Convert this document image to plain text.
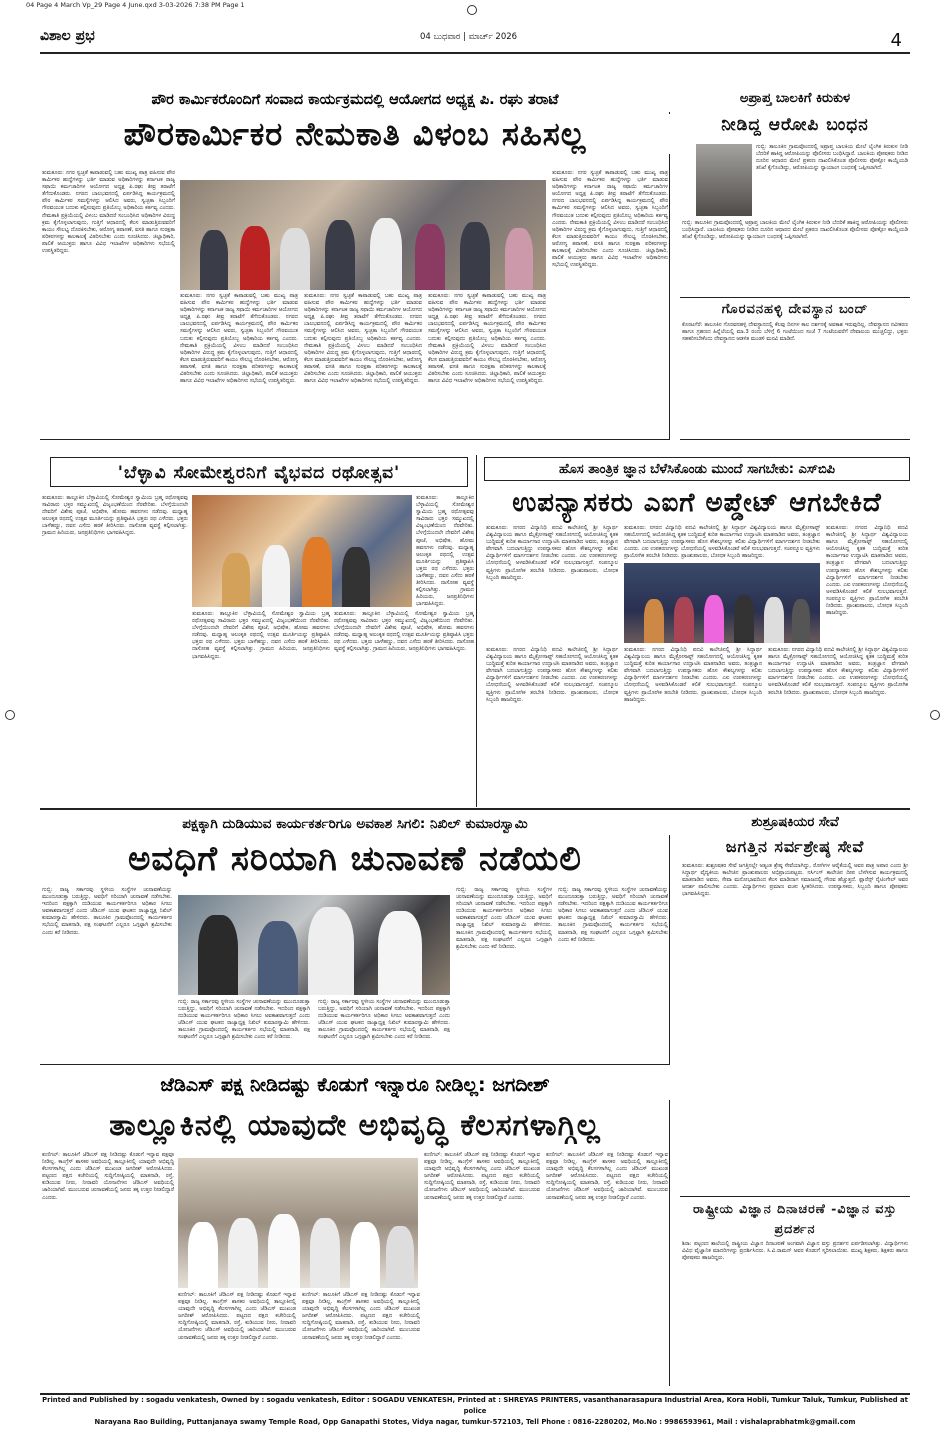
04 Page 4 March Vp_29 Page 4 June.qxd 3-03-2026 7:38 PM Page 1
ವಿಶಾಲ ಪ್ರಭ	04 ಬುಧವಾರ | ಮಾರ್ಚ್ 2026	4
ಪೌರ ಕಾರ್ಮಿಕರೊಂದಿಗೆ ಸಂವಾದ ಕಾರ್ಯಕ್ರಮದಲ್ಲಿ ಆಯೋಗದ ಅಧ್ಯಕ್ಷ ಪಿ. ರಘು ತರಾಟೆ
ಪೌರಕಾರ್ಮಿಕರ ನೇಮಕಾತಿ ವಿಳಂಬ ಸಹಿಸಲ್ಲ
ತುಮಕೂರು: ನಗರ ಸ್ವಚ್ಛತೆ ಕಾಪಾಡುವಲ್ಲಿ ಬಹು ಮುಖ್ಯ ಪಾತ್ರ ವಹಿಸುವ ಪೌರ ಕಾರ್ಮಿಕರ ಹುದ್ದೆಗಳನ್ನು ಭರ್ತಿ ಮಾಡುವ ಅಧಿಕಾರಿಗಳನ್ನು ಕರ್ನಾಟಕ ರಾಜ್ಯ ಸಫಾಯಿ ಕರ್ಮಚಾರಿಗಳ ಆಯೋಗದ ಅಧ್ಯಕ್ಷ ಪಿ.ರಘು ತೀವ್ರ ತರಾಟೆಗೆ ತೆಗೆದುಕೊಂಡರು. ನಗರದ ಬಾಲಭವನದಲ್ಲಿ ಏರ್ಪಡಿಸಿದ್ದ ಕಾರ್ಯಕ್ರಮದಲ್ಲಿ ಪೌರ ಕಾರ್ಮಿಕರ ಸಮಸ್ಯೆಗಳನ್ನು ಆಲಿಸಿದ ಅವರು, ಸ್ವಚ್ಛತಾ ಸಿಬ್ಬಂದಿಗೆ ಗೌರವಯುತ ಬದುಕು ಕಲ್ಪಿಸುವುದು ಪ್ರತಿಯೊಬ್ಬ ಅಧಿಕಾರಿಯ ಕರ್ತವ್ಯ ಎಂದರು. ನೇಮಕಾತಿ ಪ್ರಕ್ರಿಯೆಯಲ್ಲಿ ವಿಳಂಬ ಮಾಡಿದರೆ ಸಂಬಂಧಿಸಿದ ಅಧಿಕಾರಿಗಳ ವಿರುದ್ಧ ಕ್ರಮ ಕೈಗೊಳ್ಳಲಾಗುವುದು, ಗುತ್ತಿಗೆ ಆಧಾರದಲ್ಲಿ ಕೆಲಸ ಮಾಡುತ್ತಿರುವವರಿಗೆ ಕಾಯಂ ಸೌಲಭ್ಯ ದೊರಕಿಸಬೇಕು, ಆರೋಗ್ಯ ತಪಾಸಣೆ, ವಸತಿ ಹಾಗೂ ಸುರಕ್ಷತಾ ಪರಿಕರಗಳನ್ನು ಕಾಲಕಾಲಕ್ಕೆ ವಿತರಿಸಬೇಕು ಎಂದು ಸೂಚಿಸಿದರು. ಜಿಲ್ಲಾಧಿಕಾರಿ, ಪಾಲಿಕೆ ಆಯುಕ್ತರು ಹಾಗೂ ವಿವಿಧ ಇಲಾಖೆಗಳ ಅಧಿಕಾರಿಗಳು ಸಭೆಯಲ್ಲಿ ಉಪಸ್ಥಿತರಿದ್ದರು.
ತುಮಕೂರು: ನಗರ ಸ್ವಚ್ಛತೆ ಕಾಪಾಡುವಲ್ಲಿ ಬಹು ಮುಖ್ಯ ಪಾತ್ರ ವಹಿಸುವ ಪೌರ ಕಾರ್ಮಿಕರ ಹುದ್ದೆಗಳನ್ನು ಭರ್ತಿ ಮಾಡುವ ಅಧಿಕಾರಿಗಳನ್ನು ಕರ್ನಾಟಕ ರಾಜ್ಯ ಸಫಾಯಿ ಕರ್ಮಚಾರಿಗಳ ಆಯೋಗದ ಅಧ್ಯಕ್ಷ ಪಿ.ರಘು ತೀವ್ರ ತರಾಟೆಗೆ ತೆಗೆದುಕೊಂಡರು. ನಗರದ ಬಾಲಭವನದಲ್ಲಿ ಏರ್ಪಡಿಸಿದ್ದ ಕಾರ್ಯಕ್ರಮದಲ್ಲಿ ಪೌರ ಕಾರ್ಮಿಕರ ಸಮಸ್ಯೆಗಳನ್ನು ಆಲಿಸಿದ ಅವರು, ಸ್ವಚ್ಛತಾ ಸಿಬ್ಬಂದಿಗೆ ಗೌರವಯುತ ಬದುಕು ಕಲ್ಪಿಸುವುದು ಪ್ರತಿಯೊಬ್ಬ ಅಧಿಕಾರಿಯ ಕರ್ತವ್ಯ ಎಂದರು. ನೇಮಕಾತಿ ಪ್ರಕ್ರಿಯೆಯಲ್ಲಿ ವಿಳಂಬ ಮಾಡಿದರೆ ಸಂಬಂಧಿಸಿದ ಅಧಿಕಾರಿಗಳ ವಿರುದ್ಧ ಕ್ರಮ ಕೈಗೊಳ್ಳಲಾಗುವುದು, ಗುತ್ತಿಗೆ ಆಧಾರದಲ್ಲಿ ಕೆಲಸ ಮಾಡುತ್ತಿರುವವರಿಗೆ ಕಾಯಂ ಸೌಲಭ್ಯ ದೊರಕಿಸಬೇಕು, ಆರೋಗ್ಯ ತಪಾಸಣೆ, ವಸತಿ ಹಾಗೂ ಸುರಕ್ಷತಾ ಪರಿಕರಗಳನ್ನು ಕಾಲಕಾಲಕ್ಕೆ ವಿತರಿಸಬೇಕು ಎಂದು ಸೂಚಿಸಿದರು. ಜಿಲ್ಲಾಧಿಕಾರಿ, ಪಾಲಿಕೆ ಆಯುಕ್ತರು ಹಾಗೂ ವಿವಿಧ ಇಲಾಖೆಗಳ ಅಧಿಕಾರಿಗಳು ಸಭೆಯಲ್ಲಿ ಉಪಸ್ಥಿತರಿದ್ದರು.
ತುಮಕೂರು: ನಗರ ಸ್ವಚ್ಛತೆ ಕಾಪಾಡುವಲ್ಲಿ ಬಹು ಮುಖ್ಯ ಪಾತ್ರ ವಹಿಸುವ ಪೌರ ಕಾರ್ಮಿಕರ ಹುದ್ದೆಗಳನ್ನು ಭರ್ತಿ ಮಾಡುವ ಅಧಿಕಾರಿಗಳನ್ನು ಕರ್ನಾಟಕ ರಾಜ್ಯ ಸಫಾಯಿ ಕರ್ಮಚಾರಿಗಳ ಆಯೋಗದ ಅಧ್ಯಕ್ಷ ಪಿ.ರಘು ತೀವ್ರ ತರಾಟೆಗೆ ತೆಗೆದುಕೊಂಡರು. ನಗರದ ಬಾಲಭವನದಲ್ಲಿ ಏರ್ಪಡಿಸಿದ್ದ ಕಾರ್ಯಕ್ರಮದಲ್ಲಿ ಪೌರ ಕಾರ್ಮಿಕರ ಸಮಸ್ಯೆಗಳನ್ನು ಆಲಿಸಿದ ಅವರು, ಸ್ವಚ್ಛತಾ ಸಿಬ್ಬಂದಿಗೆ ಗೌರವಯುತ ಬದುಕು ಕಲ್ಪಿಸುವುದು ಪ್ರತಿಯೊಬ್ಬ ಅಧಿಕಾರಿಯ ಕರ್ತವ್ಯ ಎಂದರು. ನೇಮಕಾತಿ ಪ್ರಕ್ರಿಯೆಯಲ್ಲಿ ವಿಳಂಬ ಮಾಡಿದರೆ ಸಂಬಂಧಿಸಿದ ಅಧಿಕಾರಿಗಳ ವಿರುದ್ಧ ಕ್ರಮ ಕೈಗೊಳ್ಳಲಾಗುವುದು, ಗುತ್ತಿಗೆ ಆಧಾರದಲ್ಲಿ ಕೆಲಸ ಮಾಡುತ್ತಿರುವವರಿಗೆ ಕಾಯಂ ಸೌಲಭ್ಯ ದೊರಕಿಸಬೇಕು, ಆರೋಗ್ಯ ತಪಾಸಣೆ, ವಸತಿ ಹಾಗೂ ಸುರಕ್ಷತಾ ಪರಿಕರಗಳನ್ನು ಕಾಲಕಾಲಕ್ಕೆ ವಿತರಿಸಬೇಕು ಎಂದು ಸೂಚಿಸಿದರು. ಜಿಲ್ಲಾಧಿಕಾರಿ, ಪಾಲಿಕೆ ಆಯುಕ್ತರು ಹಾಗೂ ವಿವಿಧ ಇಲಾಖೆಗಳ ಅಧಿಕಾರಿಗಳು ಸಭೆಯಲ್ಲಿ ಉಪಸ್ಥಿತರಿದ್ದರು.
ತುಮಕೂರು: ನಗರ ಸ್ವಚ್ಛತೆ ಕಾಪಾಡುವಲ್ಲಿ ಬಹು ಮುಖ್ಯ ಪಾತ್ರ ವಹಿಸುವ ಪೌರ ಕಾರ್ಮಿಕರ ಹುದ್ದೆಗಳನ್ನು ಭರ್ತಿ ಮಾಡುವ ಅಧಿಕಾರಿಗಳನ್ನು ಕರ್ನಾಟಕ ರಾಜ್ಯ ಸಫಾಯಿ ಕರ್ಮಚಾರಿಗಳ ಆಯೋಗದ ಅಧ್ಯಕ್ಷ ಪಿ.ರಘು ತೀವ್ರ ತರಾಟೆಗೆ ತೆಗೆದುಕೊಂಡರು. ನಗರದ ಬಾಲಭವನದಲ್ಲಿ ಏರ್ಪಡಿಸಿದ್ದ ಕಾರ್ಯಕ್ರಮದಲ್ಲಿ ಪೌರ ಕಾರ್ಮಿಕರ ಸಮಸ್ಯೆಗಳನ್ನು ಆಲಿಸಿದ ಅವರು, ಸ್ವಚ್ಛತಾ ಸಿಬ್ಬಂದಿಗೆ ಗೌರವಯುತ ಬದುಕು ಕಲ್ಪಿಸುವುದು ಪ್ರತಿಯೊಬ್ಬ ಅಧಿಕಾರಿಯ ಕರ್ತವ್ಯ ಎಂದರು. ನೇಮಕಾತಿ ಪ್ರಕ್ರಿಯೆಯಲ್ಲಿ ವಿಳಂಬ ಮಾಡಿದರೆ ಸಂಬಂಧಿಸಿದ ಅಧಿಕಾರಿಗಳ ವಿರುದ್ಧ ಕ್ರಮ ಕೈಗೊಳ್ಳಲಾಗುವುದು, ಗುತ್ತಿಗೆ ಆಧಾರದಲ್ಲಿ ಕೆಲಸ ಮಾಡುತ್ತಿರುವವರಿಗೆ ಕಾಯಂ ಸೌಲಭ್ಯ ದೊರಕಿಸಬೇಕು, ಆರೋಗ್ಯ ತಪಾಸಣೆ, ವಸತಿ ಹಾಗೂ ಸುರಕ್ಷತಾ ಪರಿಕರಗಳನ್ನು ಕಾಲಕಾಲಕ್ಕೆ ವಿತರಿಸಬೇಕು ಎಂದು ಸೂಚಿಸಿದರು. ಜಿಲ್ಲಾಧಿಕಾರಿ, ಪಾಲಿಕೆ ಆಯುಕ್ತರು ಹಾಗೂ ವಿವಿಧ ಇಲಾಖೆಗಳ ಅಧಿಕಾರಿಗಳು ಸಭೆಯಲ್ಲಿ ಉಪಸ್ಥಿತರಿದ್ದರು.
ತುಮಕೂರು: ನಗರ ಸ್ವಚ್ಛತೆ ಕಾಪಾಡುವಲ್ಲಿ ಬಹು ಮುಖ್ಯ ಪಾತ್ರ ವಹಿಸುವ ಪೌರ ಕಾರ್ಮಿಕರ ಹುದ್ದೆಗಳನ್ನು ಭರ್ತಿ ಮಾಡುವ ಅಧಿಕಾರಿಗಳನ್ನು ಕರ್ನಾಟಕ ರಾಜ್ಯ ಸಫಾಯಿ ಕರ್ಮಚಾರಿಗಳ ಆಯೋಗದ ಅಧ್ಯಕ್ಷ ಪಿ.ರಘು ತೀವ್ರ ತರಾಟೆಗೆ ತೆಗೆದುಕೊಂಡರು. ನಗರದ ಬಾಲಭವನದಲ್ಲಿ ಏರ್ಪಡಿಸಿದ್ದ ಕಾರ್ಯಕ್ರಮದಲ್ಲಿ ಪೌರ ಕಾರ್ಮಿಕರ ಸಮಸ್ಯೆಗಳನ್ನು ಆಲಿಸಿದ ಅವರು, ಸ್ವಚ್ಛತಾ ಸಿಬ್ಬಂದಿಗೆ ಗೌರವಯುತ ಬದುಕು ಕಲ್ಪಿಸುವುದು ಪ್ರತಿಯೊಬ್ಬ ಅಧಿಕಾರಿಯ ಕರ್ತವ್ಯ ಎಂದರು. ನೇಮಕಾತಿ ಪ್ರಕ್ರಿಯೆಯಲ್ಲಿ ವಿಳಂಬ ಮಾಡಿದರೆ ಸಂಬಂಧಿಸಿದ ಅಧಿಕಾರಿಗಳ ವಿರುದ್ಧ ಕ್ರಮ ಕೈಗೊಳ್ಳಲಾಗುವುದು, ಗುತ್ತಿಗೆ ಆಧಾರದಲ್ಲಿ ಕೆಲಸ ಮಾಡುತ್ತಿರುವವರಿಗೆ ಕಾಯಂ ಸೌಲಭ್ಯ ದೊರಕಿಸಬೇಕು, ಆರೋಗ್ಯ ತಪಾಸಣೆ, ವಸತಿ ಹಾಗೂ ಸುರಕ್ಷತಾ ಪರಿಕರಗಳನ್ನು ಕಾಲಕಾಲಕ್ಕೆ ವಿತರಿಸಬೇಕು ಎಂದು ಸೂಚಿಸಿದರು. ಜಿಲ್ಲಾಧಿಕಾರಿ, ಪಾಲಿಕೆ ಆಯುಕ್ತರು ಹಾಗೂ ವಿವಿಧ ಇಲಾಖೆಗಳ ಅಧಿಕಾರಿಗಳು ಸಭೆಯಲ್ಲಿ ಉಪಸ್ಥಿತರಿದ್ದರು.
ಅಪ್ರಾಪ್ತ ಬಾಲಕಿಗೆ ಕಿರುಕುಳ
ನೀಡಿದ್ದ ಆರೋಪಿ ಬಂಧನ
ಗುಬ್ಬಿ: ತಾಲೂಕಿನ ಗ್ರಾಮವೊಂದರಲ್ಲಿ ಅಪ್ರಾಪ್ತ ಬಾಲಕಿಯ ಮೇಲೆ ಲೈಂಗಿಕ ಕಿರುಕುಳ ನೀಡಿ ಬೆದರಿಕೆ ಹಾಕಿದ್ದ ಆರೋಪಿಯನ್ನು ಪೊಲೀಸರು ಬಂಧಿಸಿದ್ದಾರೆ. ಬಾಲಕಿಯ ಪೋಷಕರು ನೀಡಿದ ದೂರಿನ ಆಧಾರದ ಮೇಲೆ ಪ್ರಕರಣ ದಾಖಲಿಸಿಕೊಂಡ ಪೊಲೀಸರು ಪೋಕ್ಸೋ ಕಾಯ್ದೆಯಡಿ ತನಿಖೆ ಕೈಗೊಂಡಿದ್ದು, ಆರೋಪಿಯನ್ನು ನ್ಯಾಯಾಂಗ ಬಂಧನಕ್ಕೆ ಒಪ್ಪಿಸಲಾಗಿದೆ.
ಗುಬ್ಬಿ: ತಾಲೂಕಿನ ಗ್ರಾಮವೊಂದರಲ್ಲಿ ಅಪ್ರಾಪ್ತ ಬಾಲಕಿಯ ಮೇಲೆ ಲೈಂಗಿಕ ಕಿರುಕುಳ ನೀಡಿ ಬೆದರಿಕೆ ಹಾಕಿದ್ದ ಆರೋಪಿಯನ್ನು ಪೊಲೀಸರು ಬಂಧಿಸಿದ್ದಾರೆ. ಬಾಲಕಿಯ ಪೋಷಕರು ನೀಡಿದ ದೂರಿನ ಆಧಾರದ ಮೇಲೆ ಪ್ರಕರಣ ದಾಖಲಿಸಿಕೊಂಡ ಪೊಲೀಸರು ಪೋಕ್ಸೋ ಕಾಯ್ದೆಯಡಿ ತನಿಖೆ ಕೈಗೊಂಡಿದ್ದು, ಆರೋಪಿಯನ್ನು ನ್ಯಾಯಾಂಗ ಬಂಧನಕ್ಕೆ ಒಪ್ಪಿಸಲಾಗಿದೆ.
ಗೊರವನಹಳ್ಳಿ ದೇವಸ್ಥಾನ ಬಂದ್
ಕೊರಟಗೆರೆ: ತಾಲೂಕಿನ ಗೊರವನಹಳ್ಳಿ ದೇವಸ್ಥಾನದಲ್ಲಿ ಕೆಲವು ದಿನಗಳ ಕಾಲ ದರ್ಶನಕ್ಕೆ ಅವಕಾಶ ಇರುವುದಿಲ್ಲ. ದೇವಸ್ಥಾನದ ನವೀಕರಣ ಹಾಗೂ ಗ್ರಹಣದ ಹಿನ್ನೆಲೆಯಲ್ಲಿ ಮಾ.3 ರಂದು ಬೆಳಿಗ್ಗೆ 6 ಗಂಟೆಯಿಂದ ಸಂಜೆ 7 ಗಂಟೆಯವರೆಗೆ ದೇವಾಲಯ ಮುಚ್ಚಲಿದ್ದು, ಭಕ್ತರು ಸಹಕರಿಸಬೇಕೆಂದು ದೇವಸ್ಥಾನದ ಆಡಳಿತ ಮಂಡಳಿ ಮನವಿ ಮಾಡಿದೆ.
'ಬೆಳ್ಳಾವಿ ಸೋಮೇಶ್ವರನಿಗೆ ವೈಭವದ ರಥೋತ್ಸವ'
ತುಮಕೂರು: ತಾಲ್ಲೂಕಿನ ಬೆಳ್ಳಾವಿಯಲ್ಲಿ ಸೋಮೇಶ್ವರ ಸ್ವಾಮಿಯ ಬ್ರಹ್ಮ ರಥೋತ್ಸವವು ಸಾವಿರಾರು ಭಕ್ತರ ಸಮ್ಮುಖದಲ್ಲಿ ವಿಜೃಂಭಣೆಯಿಂದ ನೆರವೇರಿತು. ಬೆಳಗ್ಗೆಯಿಂದಲೇ ದೇವರಿಗೆ ವಿಶೇಷ ಪೂಜೆ, ಅಭಿಷೇಕ, ಹೋಮ ಹವನಗಳು ನಡೆದವು. ಮಧ್ಯಾಹ್ನ ಅಲಂಕೃತ ರಥದಲ್ಲಿ ಉತ್ಸವ ಮೂರ್ತಿಯನ್ನು ಪ್ರತಿಷ್ಠಾಪಿಸಿ ಭಕ್ತರು ರಥ ಎಳೆದರು. ಭಕ್ತರು ಬಾಳೆಹಣ್ಣು, ದವನ ಎಸೆದು ಹರಕೆ ತೀರಿಸಿದರು. ದಾಸೋಹ ವ್ಯವಸ್ಥೆ ಕಲ್ಪಿಸಲಾಗಿತ್ತು. ಗ್ರಾಮದ ಹಿರಿಯರು, ಜನಪ್ರತಿನಿಧಿಗಳು ಭಾಗವಹಿಸಿದ್ದರು.
ತುಮಕೂರು: ತಾಲ್ಲೂಕಿನ ಬೆಳ್ಳಾವಿಯಲ್ಲಿ ಸೋಮೇಶ್ವರ ಸ್ವಾಮಿಯ ಬ್ರಹ್ಮ ರಥೋತ್ಸವವು ಸಾವಿರಾರು ಭಕ್ತರ ಸಮ್ಮುಖದಲ್ಲಿ ವಿಜೃಂಭಣೆಯಿಂದ ನೆರವೇರಿತು. ಬೆಳಗ್ಗೆಯಿಂದಲೇ ದೇವರಿಗೆ ವಿಶೇಷ ಪೂಜೆ, ಅಭಿಷೇಕ, ಹೋಮ ಹವನಗಳು ನಡೆದವು. ಮಧ್ಯಾಹ್ನ ಅಲಂಕೃತ ರಥದಲ್ಲಿ ಉತ್ಸವ ಮೂರ್ತಿಯನ್ನು ಪ್ರತಿಷ್ಠಾಪಿಸಿ ಭಕ್ತರು ರಥ ಎಳೆದರು. ಭಕ್ತರು ಬಾಳೆಹಣ್ಣು, ದವನ ಎಸೆದು ಹರಕೆ ತೀರಿಸಿದರು. ದಾಸೋಹ ವ್ಯವಸ್ಥೆ ಕಲ್ಪಿಸಲಾಗಿತ್ತು. ಗ್ರಾಮದ ಹಿರಿಯರು, ಜನಪ್ರತಿನಿಧಿಗಳು ಭಾಗವಹಿಸಿದ್ದರು.
ತುಮಕೂರು: ತಾಲ್ಲೂಕಿನ ಬೆಳ್ಳಾವಿಯಲ್ಲಿ ಸೋಮೇಶ್ವರ ಸ್ವಾಮಿಯ ಬ್ರಹ್ಮ ರಥೋತ್ಸವವು ಸಾವಿರಾರು ಭಕ್ತರ ಸಮ್ಮುಖದಲ್ಲಿ ವಿಜೃಂಭಣೆಯಿಂದ ನೆರವೇರಿತು. ಬೆಳಗ್ಗೆಯಿಂದಲೇ ದೇವರಿಗೆ ವಿಶೇಷ ಪೂಜೆ, ಅಭಿಷೇಕ, ಹೋಮ ಹವನಗಳು ನಡೆದವು. ಮಧ್ಯಾಹ್ನ ಅಲಂಕೃತ ರಥದಲ್ಲಿ ಉತ್ಸವ ಮೂರ್ತಿಯನ್ನು ಪ್ರತಿಷ್ಠಾಪಿಸಿ ಭಕ್ತರು ರಥ ಎಳೆದರು. ಭಕ್ತರು ಬಾಳೆಹಣ್ಣು, ದವನ ಎಸೆದು ಹರಕೆ ತೀರಿಸಿದರು. ದಾಸೋಹ ವ್ಯವಸ್ಥೆ ಕಲ್ಪಿಸಲಾಗಿತ್ತು. ಗ್ರಾಮದ ಹಿರಿಯರು, ಜನಪ್ರತಿನಿಧಿಗಳು ಭಾಗವಹಿಸಿದ್ದರು.
ತುಮಕೂರು: ತಾಲ್ಲೂಕಿನ ಬೆಳ್ಳಾವಿಯಲ್ಲಿ ಸೋಮೇಶ್ವರ ಸ್ವಾಮಿಯ ಬ್ರಹ್ಮ ರಥೋತ್ಸವವು ಸಾವಿರಾರು ಭಕ್ತರ ಸಮ್ಮುಖದಲ್ಲಿ ವಿಜೃಂಭಣೆಯಿಂದ ನೆರವೇರಿತು. ಬೆಳಗ್ಗೆಯಿಂದಲೇ ದೇವರಿಗೆ ವಿಶೇಷ ಪೂಜೆ, ಅಭಿಷೇಕ, ಹೋಮ ಹವನಗಳು ನಡೆದವು. ಮಧ್ಯಾಹ್ನ ಅಲಂಕೃತ ರಥದಲ್ಲಿ ಉತ್ಸವ ಮೂರ್ತಿಯನ್ನು ಪ್ರತಿಷ್ಠಾಪಿಸಿ ಭಕ್ತರು ರಥ ಎಳೆದರು. ಭಕ್ತರು ಬಾಳೆಹಣ್ಣು, ದವನ ಎಸೆದು ಹರಕೆ ತೀರಿಸಿದರು. ದಾಸೋಹ ವ್ಯವಸ್ಥೆ ಕಲ್ಪಿಸಲಾಗಿತ್ತು. ಗ್ರಾಮದ ಹಿರಿಯರು, ಜನಪ್ರತಿನಿಧಿಗಳು ಭಾಗವಹಿಸಿದ್ದರು.
ಹೊಸ ತಾಂತ್ರಿಕ ಜ್ಞಾನ ಬೆಳೆಸಿಕೊಂಡು ಮುಂದೆ ಸಾಗಬೇಕು: ಎಸ್‌ಬಿಪಿ
ಉಪನ್ಯಾಸಕರು ಎಐಗೆ ಅಪ್ಡೇಟ್ ಆಗಬೇಕಿದೆ
ತುಮಕೂರು: ನಗರದ ವಿದ್ಯಾನಿಧಿ ಪದವಿ ಕಾಲೇಜಿನಲ್ಲಿ ಶ್ರೀ ಸಿದ್ಧಾರ್ಥ ವಿಶ್ವವಿದ್ಯಾಲಯ ಹಾಗೂ ಮೈಕ್ರೋಸಾಫ್ಟ್ ಸಹಯೋಗದಲ್ಲಿ ಆಯೋಜಿಸಿದ್ದ ಕೃತಕ ಬುದ್ಧಿಮತ್ತೆ ಕುರಿತ ಕಾರ್ಯಾಗಾರ ಉದ್ಘಾಟಿಸಿ ಮಾತನಾಡಿದ ಅವರು, ತಂತ್ರಜ್ಞಾನ ವೇಗವಾಗಿ ಬದಲಾಗುತ್ತಿದ್ದು ಉಪನ್ಯಾಸಕರು ಹೊಸ ಕೌಶಲ್ಯಗಳನ್ನು ಕಲಿತು ವಿದ್ಯಾರ್ಥಿಗಳಿಗೆ ಮಾರ್ಗದರ್ಶನ ನೀಡಬೇಕು ಎಂದರು. ಎಐ ಉಪಕರಣಗಳನ್ನು ಬೋಧನೆಯಲ್ಲಿ ಅಳವಡಿಸಿಕೊಂಡರೆ ಕಲಿಕೆ ಸುಲಭವಾಗುತ್ತದೆ. ಸಂಪನ್ಮೂಲ ವ್ಯಕ್ತಿಗಳು ಪ್ರಾಯೋಗಿಕ ತರಬೇತಿ ನೀಡಿದರು. ಪ್ರಾಂಶುಪಾಲರು, ಬೋಧಕ ಸಿಬ್ಬಂದಿ ಹಾಜರಿದ್ದರು.
ತುಮಕೂರು: ನಗರದ ವಿದ್ಯಾನಿಧಿ ಪದವಿ ಕಾಲೇಜಿನಲ್ಲಿ ಶ್ರೀ ಸಿದ್ಧಾರ್ಥ ವಿಶ್ವವಿದ್ಯಾಲಯ ಹಾಗೂ ಮೈಕ್ರೋಸಾಫ್ಟ್ ಸಹಯೋಗದಲ್ಲಿ ಆಯೋಜಿಸಿದ್ದ ಕೃತಕ ಬುದ್ಧಿಮತ್ತೆ ಕುರಿತ ಕಾರ್ಯಾಗಾರ ಉದ್ಘಾಟಿಸಿ ಮಾತನಾಡಿದ ಅವರು, ತಂತ್ರಜ್ಞಾನ ವೇಗವಾಗಿ ಬದಲಾಗುತ್ತಿದ್ದು ಉಪನ್ಯಾಸಕರು ಹೊಸ ಕೌಶಲ್ಯಗಳನ್ನು ಕಲಿತು ವಿದ್ಯಾರ್ಥಿಗಳಿಗೆ ಮಾರ್ಗದರ್ಶನ ನೀಡಬೇಕು ಎಂದರು. ಎಐ ಉಪಕರಣಗಳನ್ನು ಬೋಧನೆಯಲ್ಲಿ ಅಳವಡಿಸಿಕೊಂಡರೆ ಕಲಿಕೆ ಸುಲಭವಾಗುತ್ತದೆ. ಸಂಪನ್ಮೂಲ ವ್ಯಕ್ತಿಗಳು ಪ್ರಾಯೋಗಿಕ ತರಬೇತಿ ನೀಡಿದರು. ಪ್ರಾಂಶುಪಾಲರು, ಬೋಧಕ ಸಿಬ್ಬಂದಿ ಹಾಜರಿದ್ದರು.
ತುಮಕೂರು: ನಗರದ ವಿದ್ಯಾನಿಧಿ ಪದವಿ ಕಾಲೇಜಿನಲ್ಲಿ ಶ್ರೀ ಸಿದ್ಧಾರ್ಥ ವಿಶ್ವವಿದ್ಯಾಲಯ ಹಾಗೂ ಮೈಕ್ರೋಸಾಫ್ಟ್ ಸಹಯೋಗದಲ್ಲಿ ಆಯೋಜಿಸಿದ್ದ ಕೃತಕ ಬುದ್ಧಿಮತ್ತೆ ಕುರಿತ ಕಾರ್ಯಾಗಾರ ಉದ್ಘಾಟಿಸಿ ಮಾತನಾಡಿದ ಅವರು, ತಂತ್ರಜ್ಞಾನ ವೇಗವಾಗಿ ಬದಲಾಗುತ್ತಿದ್ದು ಉಪನ್ಯಾಸಕರು ಹೊಸ ಕೌಶಲ್ಯಗಳನ್ನು ಕಲಿತು ವಿದ್ಯಾರ್ಥಿಗಳಿಗೆ ಮಾರ್ಗದರ್ಶನ ನೀಡಬೇಕು ಎಂದರು. ಎಐ ಉಪಕರಣಗಳನ್ನು ಬೋಧನೆಯಲ್ಲಿ ಅಳವಡಿಸಿಕೊಂಡರೆ ಕಲಿಕೆ ಸುಲಭವಾಗುತ್ತದೆ. ಸಂಪನ್ಮೂಲ ವ್ಯಕ್ತಿಗಳು ಪ್ರಾಯೋಗಿಕ ತರಬೇತಿ ನೀಡಿದರು. ಪ್ರಾಂಶುಪಾಲರು, ಬೋಧಕ ಸಿಬ್ಬಂದಿ ಹಾಜರಿದ್ದರು.
ತುಮಕೂರು: ನಗರದ ವಿದ್ಯಾನಿಧಿ ಪದವಿ ಕಾಲೇಜಿನಲ್ಲಿ ಶ್ರೀ ಸಿದ್ಧಾರ್ಥ ವಿಶ್ವವಿದ್ಯಾಲಯ ಹಾಗೂ ಮೈಕ್ರೋಸಾಫ್ಟ್ ಸಹಯೋಗದಲ್ಲಿ ಆಯೋಜಿಸಿದ್ದ ಕೃತಕ ಬುದ್ಧಿಮತ್ತೆ ಕುರಿತ ಕಾರ್ಯಾಗಾರ ಉದ್ಘಾಟಿಸಿ ಮಾತನಾಡಿದ ಅವರು, ತಂತ್ರಜ್ಞಾನ ವೇಗವಾಗಿ ಬದಲಾಗುತ್ತಿದ್ದು ಉಪನ್ಯಾಸಕರು ಹೊಸ ಕೌಶಲ್ಯಗಳನ್ನು ಕಲಿತು ವಿದ್ಯಾರ್ಥಿಗಳಿಗೆ ಮಾರ್ಗದರ್ಶನ ನೀಡಬೇಕು ಎಂದರು. ಎಐ ಉಪಕರಣಗಳನ್ನು ಬೋಧನೆಯಲ್ಲಿ ಅಳವಡಿಸಿಕೊಂಡರೆ ಕಲಿಕೆ ಸುಲಭವಾಗುತ್ತದೆ. ಸಂಪನ್ಮೂಲ ವ್ಯಕ್ತಿಗಳು ಪ್ರಾಯೋಗಿಕ ತರಬೇತಿ ನೀಡಿದರು. ಪ್ರಾಂಶುಪಾಲರು, ಬೋಧಕ ಸಿಬ್ಬಂದಿ ಹಾಜರಿದ್ದರು.
ತುಮಕೂರು: ನಗರದ ವಿದ್ಯಾನಿಧಿ ಪದವಿ ಕಾಲೇಜಿನಲ್ಲಿ ಶ್ರೀ ಸಿದ್ಧಾರ್ಥ ವಿಶ್ವವಿದ್ಯಾಲಯ ಹಾಗೂ ಮೈಕ್ರೋಸಾಫ್ಟ್ ಸಹಯೋಗದಲ್ಲಿ ಆಯೋಜಿಸಿದ್ದ ಕೃತಕ ಬುದ್ಧಿಮತ್ತೆ ಕುರಿತ ಕಾರ್ಯಾಗಾರ ಉದ್ಘಾಟಿಸಿ ಮಾತನಾಡಿದ ಅವರು, ತಂತ್ರಜ್ಞಾನ ವೇಗವಾಗಿ ಬದಲಾಗುತ್ತಿದ್ದು ಉಪನ್ಯಾಸಕರು ಹೊಸ ಕೌಶಲ್ಯಗಳನ್ನು ಕಲಿತು ವಿದ್ಯಾರ್ಥಿಗಳಿಗೆ ಮಾರ್ಗದರ್ಶನ ನೀಡಬೇಕು ಎಂದರು. ಎಐ ಉಪಕರಣಗಳನ್ನು ಬೋಧನೆಯಲ್ಲಿ ಅಳವಡಿಸಿಕೊಂಡರೆ ಕಲಿಕೆ ಸುಲಭವಾಗುತ್ತದೆ. ಸಂಪನ್ಮೂಲ ವ್ಯಕ್ತಿಗಳು ಪ್ರಾಯೋಗಿಕ ತರಬೇತಿ ನೀಡಿದರು. ಪ್ರಾಂಶುಪಾಲರು, ಬೋಧಕ ಸಿಬ್ಬಂದಿ ಹಾಜರಿದ್ದರು.
ತುಮಕೂರು: ನಗರದ ವಿದ್ಯಾನಿಧಿ ಪದವಿ ಕಾಲೇಜಿನಲ್ಲಿ ಶ್ರೀ ಸಿದ್ಧಾರ್ಥ ವಿಶ್ವವಿದ್ಯಾಲಯ ಹಾಗೂ ಮೈಕ್ರೋಸಾಫ್ಟ್ ಸಹಯೋಗದಲ್ಲಿ ಆಯೋಜಿಸಿದ್ದ ಕೃತಕ ಬುದ್ಧಿಮತ್ತೆ ಕುರಿತ ಕಾರ್ಯಾಗಾರ ಉದ್ಘಾಟಿಸಿ ಮಾತನಾಡಿದ ಅವರು, ತಂತ್ರಜ್ಞಾನ ವೇಗವಾಗಿ ಬದಲಾಗುತ್ತಿದ್ದು ಉಪನ್ಯಾಸಕರು ಹೊಸ ಕೌಶಲ್ಯಗಳನ್ನು ಕಲಿತು ವಿದ್ಯಾರ್ಥಿಗಳಿಗೆ ಮಾರ್ಗದರ್ಶನ ನೀಡಬೇಕು ಎಂದರು. ಎಐ ಉಪಕರಣಗಳನ್ನು ಬೋಧನೆಯಲ್ಲಿ ಅಳವಡಿಸಿಕೊಂಡರೆ ಕಲಿಕೆ ಸುಲಭವಾಗುತ್ತದೆ. ಸಂಪನ್ಮೂಲ ವ್ಯಕ್ತಿಗಳು ಪ್ರಾಯೋಗಿಕ ತರಬೇತಿ ನೀಡಿದರು. ಪ್ರಾಂಶುಪಾಲರು, ಬೋಧಕ ಸಿಬ್ಬಂದಿ ಹಾಜರಿದ್ದರು.
ಪಕ್ಷಕ್ಕಾಗಿ ದುಡಿಯುವ ಕಾರ್ಯಕರ್ತರಿಗೂ ಅವಕಾಶ ಸಿಗಲಿ: ನಿಖಿಲ್ ಕುಮಾರಸ್ವಾಮಿ
ಅವಧಿಗೆ ಸರಿಯಾಗಿ ಚುನಾವಣೆ ನಡೆಯಲಿ
ಗುಬ್ಬಿ: ರಾಜ್ಯ ಸರ್ಕಾರವು ಸ್ಥಳೀಯ ಸಂಸ್ಥೆಗಳ ಚುನಾವಣೆಯನ್ನು ಮುಂದೂಡುತ್ತಾ ಬರುತ್ತಿದ್ದು, ಅವಧಿಗೆ ಸರಿಯಾಗಿ ಚುನಾವಣೆ ನಡೆಸಬೇಕು. ಇದರಿಂದ ಪಕ್ಷಕ್ಕಾಗಿ ದುಡಿಯುವ ಕಾರ್ಯಕರ್ತರಿಗೂ ಅಧಿಕಾರ ಸಿಗಲು ಅವಕಾಶವಾಗುತ್ತದೆ ಎಂದು ಜೆಡಿಎಸ್ ಯುವ ಘಟಕದ ರಾಜ್ಯಾಧ್ಯಕ್ಷ ನಿಖಿಲ್ ಕುಮಾರಸ್ವಾಮಿ ಹೇಳಿದರು. ತಾಲೂಕಿನ ಗ್ರಾಮವೊಂದರಲ್ಲಿ ಕಾರ್ಯಕರ್ತರ ಸಭೆಯಲ್ಲಿ ಮಾತನಾಡಿ, ಪಕ್ಷ ಸಂಘಟನೆಗೆ ಎಲ್ಲರೂ ಒಗ್ಗಟ್ಟಾಗಿ ಶ್ರಮಿಸಬೇಕು ಎಂದು ಕರೆ ನೀಡಿದರು.
ಗುಬ್ಬಿ: ರಾಜ್ಯ ಸರ್ಕಾರವು ಸ್ಥಳೀಯ ಸಂಸ್ಥೆಗಳ ಚುನಾವಣೆಯನ್ನು ಮುಂದೂಡುತ್ತಾ ಬರುತ್ತಿದ್ದು, ಅವಧಿಗೆ ಸರಿಯಾಗಿ ಚುನಾವಣೆ ನಡೆಸಬೇಕು. ಇದರಿಂದ ಪಕ್ಷಕ್ಕಾಗಿ ದುಡಿಯುವ ಕಾರ್ಯಕರ್ತರಿಗೂ ಅಧಿಕಾರ ಸಿಗಲು ಅವಕಾಶವಾಗುತ್ತದೆ ಎಂದು ಜೆಡಿಎಸ್ ಯುವ ಘಟಕದ ರಾಜ್ಯಾಧ್ಯಕ್ಷ ನಿಖಿಲ್ ಕುಮಾರಸ್ವಾಮಿ ಹೇಳಿದರು. ತಾಲೂಕಿನ ಗ್ರಾಮವೊಂದರಲ್ಲಿ ಕಾರ್ಯಕರ್ತರ ಸಭೆಯಲ್ಲಿ ಮಾತನಾಡಿ, ಪಕ್ಷ ಸಂಘಟನೆಗೆ ಎಲ್ಲರೂ ಒಗ್ಗಟ್ಟಾಗಿ ಶ್ರಮಿಸಬೇಕು ಎಂದು ಕರೆ ನೀಡಿದರು.
ಗುಬ್ಬಿ: ರಾಜ್ಯ ಸರ್ಕಾರವು ಸ್ಥಳೀಯ ಸಂಸ್ಥೆಗಳ ಚುನಾವಣೆಯನ್ನು ಮುಂದೂಡುತ್ತಾ ಬರುತ್ತಿದ್ದು, ಅವಧಿಗೆ ಸರಿಯಾಗಿ ಚುನಾವಣೆ ನಡೆಸಬೇಕು. ಇದರಿಂದ ಪಕ್ಷಕ್ಕಾಗಿ ದುಡಿಯುವ ಕಾರ್ಯಕರ್ತರಿಗೂ ಅಧಿಕಾರ ಸಿಗಲು ಅವಕಾಶವಾಗುತ್ತದೆ ಎಂದು ಜೆಡಿಎಸ್ ಯುವ ಘಟಕದ ರಾಜ್ಯಾಧ್ಯಕ್ಷ ನಿಖಿಲ್ ಕುಮಾರಸ್ವಾಮಿ ಹೇಳಿದರು. ತಾಲೂಕಿನ ಗ್ರಾಮವೊಂದರಲ್ಲಿ ಕಾರ್ಯಕರ್ತರ ಸಭೆಯಲ್ಲಿ ಮಾತನಾಡಿ, ಪಕ್ಷ ಸಂಘಟನೆಗೆ ಎಲ್ಲರೂ ಒಗ್ಗಟ್ಟಾಗಿ ಶ್ರಮಿಸಬೇಕು ಎಂದು ಕರೆ ನೀಡಿದರು.
ಗುಬ್ಬಿ: ರಾಜ್ಯ ಸರ್ಕಾರವು ಸ್ಥಳೀಯ ಸಂಸ್ಥೆಗಳ ಚುನಾವಣೆಯನ್ನು ಮುಂದೂಡುತ್ತಾ ಬರುತ್ತಿದ್ದು, ಅವಧಿಗೆ ಸರಿಯಾಗಿ ಚುನಾವಣೆ ನಡೆಸಬೇಕು. ಇದರಿಂದ ಪಕ್ಷಕ್ಕಾಗಿ ದುಡಿಯುವ ಕಾರ್ಯಕರ್ತರಿಗೂ ಅಧಿಕಾರ ಸಿಗಲು ಅವಕಾಶವಾಗುತ್ತದೆ ಎಂದು ಜೆಡಿಎಸ್ ಯುವ ಘಟಕದ ರಾಜ್ಯಾಧ್ಯಕ್ಷ ನಿಖಿಲ್ ಕುಮಾರಸ್ವಾಮಿ ಹೇಳಿದರು. ತಾಲೂಕಿನ ಗ್ರಾಮವೊಂದರಲ್ಲಿ ಕಾರ್ಯಕರ್ತರ ಸಭೆಯಲ್ಲಿ ಮಾತನಾಡಿ, ಪಕ್ಷ ಸಂಘಟನೆಗೆ ಎಲ್ಲರೂ ಒಗ್ಗಟ್ಟಾಗಿ ಶ್ರಮಿಸಬೇಕು ಎಂದು ಕರೆ ನೀಡಿದರು.
ಗುಬ್ಬಿ: ರಾಜ್ಯ ಸರ್ಕಾರವು ಸ್ಥಳೀಯ ಸಂಸ್ಥೆಗಳ ಚುನಾವಣೆಯನ್ನು ಮುಂದೂಡುತ್ತಾ ಬರುತ್ತಿದ್ದು, ಅವಧಿಗೆ ಸರಿಯಾಗಿ ಚುನಾವಣೆ ನಡೆಸಬೇಕು. ಇದರಿಂದ ಪಕ್ಷಕ್ಕಾಗಿ ದುಡಿಯುವ ಕಾರ್ಯಕರ್ತರಿಗೂ ಅಧಿಕಾರ ಸಿಗಲು ಅವಕಾಶವಾಗುತ್ತದೆ ಎಂದು ಜೆಡಿಎಸ್ ಯುವ ಘಟಕದ ರಾಜ್ಯಾಧ್ಯಕ್ಷ ನಿಖಿಲ್ ಕುಮಾರಸ್ವಾಮಿ ಹೇಳಿದರು. ತಾಲೂಕಿನ ಗ್ರಾಮವೊಂದರಲ್ಲಿ ಕಾರ್ಯಕರ್ತರ ಸಭೆಯಲ್ಲಿ ಮಾತನಾಡಿ, ಪಕ್ಷ ಸಂಘಟನೆಗೆ ಎಲ್ಲರೂ ಒಗ್ಗಟ್ಟಾಗಿ ಶ್ರಮಿಸಬೇಕು ಎಂದು ಕರೆ ನೀಡಿದರು.
ಶುಶ್ರೂಷಕಿಯರ ಸೇವೆ
ಜಗತ್ತಿನ ಸರ್ವಶ್ರೇಷ್ಠ ಸೇವೆ
ತುಮಕೂರು: ಶುಶ್ರೂಷಕರ ಸೇವೆ ಜಗತ್ತಿನಲ್ಲೇ ಅತ್ಯಂತ ಶ್ರೇಷ್ಠ ಸೇವೆಯಾಗಿದ್ದು, ರೋಗಿಗಳ ಆರೈಕೆಯಲ್ಲಿ ಅವರ ಪಾತ್ರ ಅಪಾರ ಎಂದು ಶ್ರೀ ಸಿದ್ಧಾರ್ಥ ವೈದ್ಯಕೀಯ ಕಾಲೇಜಿನ ಪ್ರಾಂಶುಪಾಲರು ಅಭಿಪ್ರಾಯಪಟ್ಟರು. ನರ್ಸಿಂಗ್ ಕಾಲೇಜಿನ ದೀಪ ಬೆಳಗಿಸುವ ಕಾರ್ಯಕ್ರಮದಲ್ಲಿ ಮಾತನಾಡಿದ ಅವರು, ಸೇವಾ ಮನೋಭಾವದಿಂದ ಕೆಲಸ ಮಾಡಿದಾಗ ಸಮಾಜದಲ್ಲಿ ಗೌರವ ಹೆಚ್ಚುತ್ತದೆ. ಫ್ಲಾರೆನ್ಸ್ ನೈಟಿಂಗೇಲ್ ಅವರ ಆದರ್ಶ ಪಾಲಿಸಬೇಕು ಎಂದರು. ವಿದ್ಯಾರ್ಥಿಗಳು ಪ್ರಮಾಣ ವಚನ ಸ್ವೀಕರಿಸಿದರು. ಉಪನ್ಯಾಸಕರು, ಸಿಬ್ಬಂದಿ ಹಾಗೂ ಪೋಷಕರು ಭಾಗವಹಿಸಿದ್ದರು.
ಜೆಡಿಎಸ್ ಪಕ್ಷ ನೀಡಿದಷ್ಟು ಕೊಡುಗೆ ಇನ್ನಾರೂ ನೀಡಿಲ್ಲ: ಜಗದೀಶ್
ತಾಲ್ಲೂಕಿನಲ್ಲಿ ಯಾವುದೇ ಅಭಿವೃದ್ಧಿ ಕೆಲಸಗಳಾಗ್ಗಿಲ್ಲ
ಕುಣಿಗಲ್: ತಾಲೂಕಿಗೆ ಜೆಡಿಎಸ್ ಪಕ್ಷ ನೀಡಿದಷ್ಟು ಕೊಡುಗೆ ಇನ್ನಾವ ಪಕ್ಷವೂ ನೀಡಿಲ್ಲ. ಕಾಂಗ್ರೆಸ್ ಶಾಸಕರ ಅವಧಿಯಲ್ಲಿ ತಾಲ್ಲೂಕಿನಲ್ಲಿ ಯಾವುದೇ ಅಭಿವೃದ್ಧಿ ಕೆಲಸಗಳಾಗಿಲ್ಲ ಎಂದು ಜೆಡಿಎಸ್ ಮುಖಂಡ ಜಗದೀಶ್ ಆರೋಪಿಸಿದರು. ಪಟ್ಟಣದ ಪಕ್ಷದ ಕಚೇರಿಯಲ್ಲಿ ಸುದ್ದಿಗೋಷ್ಠಿಯಲ್ಲಿ ಮಾತನಾಡಿ, ರಸ್ತೆ, ಕುಡಿಯುವ ನೀರು, ನೀರಾವರಿ ಯೋಜನೆಗಳು ಜೆಡಿಎಸ್ ಅವಧಿಯಲ್ಲಿ ಜಾರಿಯಾಗಿವೆ. ಮುಂಬರುವ ಚುನಾವಣೆಯಲ್ಲಿ ಜನರು ತಕ್ಕ ಉತ್ತರ ನೀಡಲಿದ್ದಾರೆ ಎಂದರು.
ಕುಣಿಗಲ್: ತಾಲೂಕಿಗೆ ಜೆಡಿಎಸ್ ಪಕ್ಷ ನೀಡಿದಷ್ಟು ಕೊಡುಗೆ ಇನ್ನಾವ ಪಕ್ಷವೂ ನೀಡಿಲ್ಲ. ಕಾಂಗ್ರೆಸ್ ಶಾಸಕರ ಅವಧಿಯಲ್ಲಿ ತಾಲ್ಲೂಕಿನಲ್ಲಿ ಯಾವುದೇ ಅಭಿವೃದ್ಧಿ ಕೆಲಸಗಳಾಗಿಲ್ಲ ಎಂದು ಜೆಡಿಎಸ್ ಮುಖಂಡ ಜಗದೀಶ್ ಆರೋಪಿಸಿದರು. ಪಟ್ಟಣದ ಪಕ್ಷದ ಕಚೇರಿಯಲ್ಲಿ ಸುದ್ದಿಗೋಷ್ಠಿಯಲ್ಲಿ ಮಾತನಾಡಿ, ರಸ್ತೆ, ಕುಡಿಯುವ ನೀರು, ನೀರಾವರಿ ಯೋಜನೆಗಳು ಜೆಡಿಎಸ್ ಅವಧಿಯಲ್ಲಿ ಜಾರಿಯಾಗಿವೆ. ಮುಂಬರುವ ಚುನಾವಣೆಯಲ್ಲಿ ಜನರು ತಕ್ಕ ಉತ್ತರ ನೀಡಲಿದ್ದಾರೆ ಎಂದರು.
ಕುಣಿಗಲ್: ತಾಲೂಕಿಗೆ ಜೆಡಿಎಸ್ ಪಕ್ಷ ನೀಡಿದಷ್ಟು ಕೊಡುಗೆ ಇನ್ನಾವ ಪಕ್ಷವೂ ನೀಡಿಲ್ಲ. ಕಾಂಗ್ರೆಸ್ ಶಾಸಕರ ಅವಧಿಯಲ್ಲಿ ತಾಲ್ಲೂಕಿನಲ್ಲಿ ಯಾವುದೇ ಅಭಿವೃದ್ಧಿ ಕೆಲಸಗಳಾಗಿಲ್ಲ ಎಂದು ಜೆಡಿಎಸ್ ಮುಖಂಡ ಜಗದೀಶ್ ಆರೋಪಿಸಿದರು. ಪಟ್ಟಣದ ಪಕ್ಷದ ಕಚೇರಿಯಲ್ಲಿ ಸುದ್ದಿಗೋಷ್ಠಿಯಲ್ಲಿ ಮಾತನಾಡಿ, ರಸ್ತೆ, ಕುಡಿಯುವ ನೀರು, ನೀರಾವರಿ ಯೋಜನೆಗಳು ಜೆಡಿಎಸ್ ಅವಧಿಯಲ್ಲಿ ಜಾರಿಯಾಗಿವೆ. ಮುಂಬರುವ ಚುನಾವಣೆಯಲ್ಲಿ ಜನರು ತಕ್ಕ ಉತ್ತರ ನೀಡಲಿದ್ದಾರೆ ಎಂದರು.
ಕುಣಿಗಲ್: ತಾಲೂಕಿಗೆ ಜೆಡಿಎಸ್ ಪಕ್ಷ ನೀಡಿದಷ್ಟು ಕೊಡುಗೆ ಇನ್ನಾವ ಪಕ್ಷವೂ ನೀಡಿಲ್ಲ. ಕಾಂಗ್ರೆಸ್ ಶಾಸಕರ ಅವಧಿಯಲ್ಲಿ ತಾಲ್ಲೂಕಿನಲ್ಲಿ ಯಾವುದೇ ಅಭಿವೃದ್ಧಿ ಕೆಲಸಗಳಾಗಿಲ್ಲ ಎಂದು ಜೆಡಿಎಸ್ ಮುಖಂಡ ಜಗದೀಶ್ ಆರೋಪಿಸಿದರು. ಪಟ್ಟಣದ ಪಕ್ಷದ ಕಚೇರಿಯಲ್ಲಿ ಸುದ್ದಿಗೋಷ್ಠಿಯಲ್ಲಿ ಮಾತನಾಡಿ, ರಸ್ತೆ, ಕುಡಿಯುವ ನೀರು, ನೀರಾವರಿ ಯೋಜನೆಗಳು ಜೆಡಿಎಸ್ ಅವಧಿಯಲ್ಲಿ ಜಾರಿಯಾಗಿವೆ. ಮುಂಬರುವ ಚುನಾವಣೆಯಲ್ಲಿ ಜನರು ತಕ್ಕ ಉತ್ತರ ನೀಡಲಿದ್ದಾರೆ ಎಂದರು.
ಕುಣಿಗಲ್: ತಾಲೂಕಿಗೆ ಜೆಡಿಎಸ್ ಪಕ್ಷ ನೀಡಿದಷ್ಟು ಕೊಡುಗೆ ಇನ್ನಾವ ಪಕ್ಷವೂ ನೀಡಿಲ್ಲ. ಕಾಂಗ್ರೆಸ್ ಶಾಸಕರ ಅವಧಿಯಲ್ಲಿ ತಾಲ್ಲೂಕಿನಲ್ಲಿ ಯಾವುದೇ ಅಭಿವೃದ್ಧಿ ಕೆಲಸಗಳಾಗಿಲ್ಲ ಎಂದು ಜೆಡಿಎಸ್ ಮುಖಂಡ ಜಗದೀಶ್ ಆರೋಪಿಸಿದರು. ಪಟ್ಟಣದ ಪಕ್ಷದ ಕಚೇರಿಯಲ್ಲಿ ಸುದ್ದಿಗೋಷ್ಠಿಯಲ್ಲಿ ಮಾತನಾಡಿ, ರಸ್ತೆ, ಕುಡಿಯುವ ನೀರು, ನೀರಾವರಿ ಯೋಜನೆಗಳು ಜೆಡಿಎಸ್ ಅವಧಿಯಲ್ಲಿ ಜಾರಿಯಾಗಿವೆ. ಮುಂಬರುವ ಚುನಾವಣೆಯಲ್ಲಿ ಜನರು ತಕ್ಕ ಉತ್ತರ ನೀಡಲಿದ್ದಾರೆ ಎಂದರು.
ರಾಷ್ಟ್ರೀಯ ವಿಜ್ಞಾನ ದಿನಾಚರಣೆ -ವಿಜ್ಞಾನ ವಸ್ತು ಪ್ರದರ್ಶನ
ಶಿರಾ: ಪಟ್ಟಣದ ಶಾಲೆಯಲ್ಲಿ ರಾಷ್ಟ್ರೀಯ ವಿಜ್ಞಾನ ದಿನಾಚರಣೆ ಅಂಗವಾಗಿ ವಿಜ್ಞಾನ ವಸ್ತು ಪ್ರದರ್ಶನ ಏರ್ಪಡಿಸಲಾಗಿತ್ತು. ವಿದ್ಯಾರ್ಥಿಗಳು ವಿವಿಧ ವೈಜ್ಞಾನಿಕ ಮಾದರಿಗಳನ್ನು ಪ್ರದರ್ಶಿಸಿದರು. ಸಿ.ವಿ.ರಾಮನ್ ಅವರ ಕೊಡುಗೆ ಸ್ಮರಿಸಲಾಯಿತು. ಮುಖ್ಯ ಶಿಕ್ಷಕರು, ಶಿಕ್ಷಕರು ಹಾಗೂ ಪೋಷಕರು ಹಾಜರಿದ್ದರು.
Printed and Published by : sogadu venkatesh, Owned by : sogadu venkatesh, Editor : SOGADU VENKATESH, Printed at : SHREYAS PRINTERS, vasanthanarasapura Industrial Area, Kora Hobli, Tumkur Taluk, Tumkur, Published at police
Narayana Rao Building, Puttanjanaya swamy Temple Road, Opp Ganapathi Stotes, Vidya nagar, tumkur-572103, Tell Phone : 0816-2280202, Mo.No : 9986593961, Mail : vishalaprabhatmk@gmail.com
